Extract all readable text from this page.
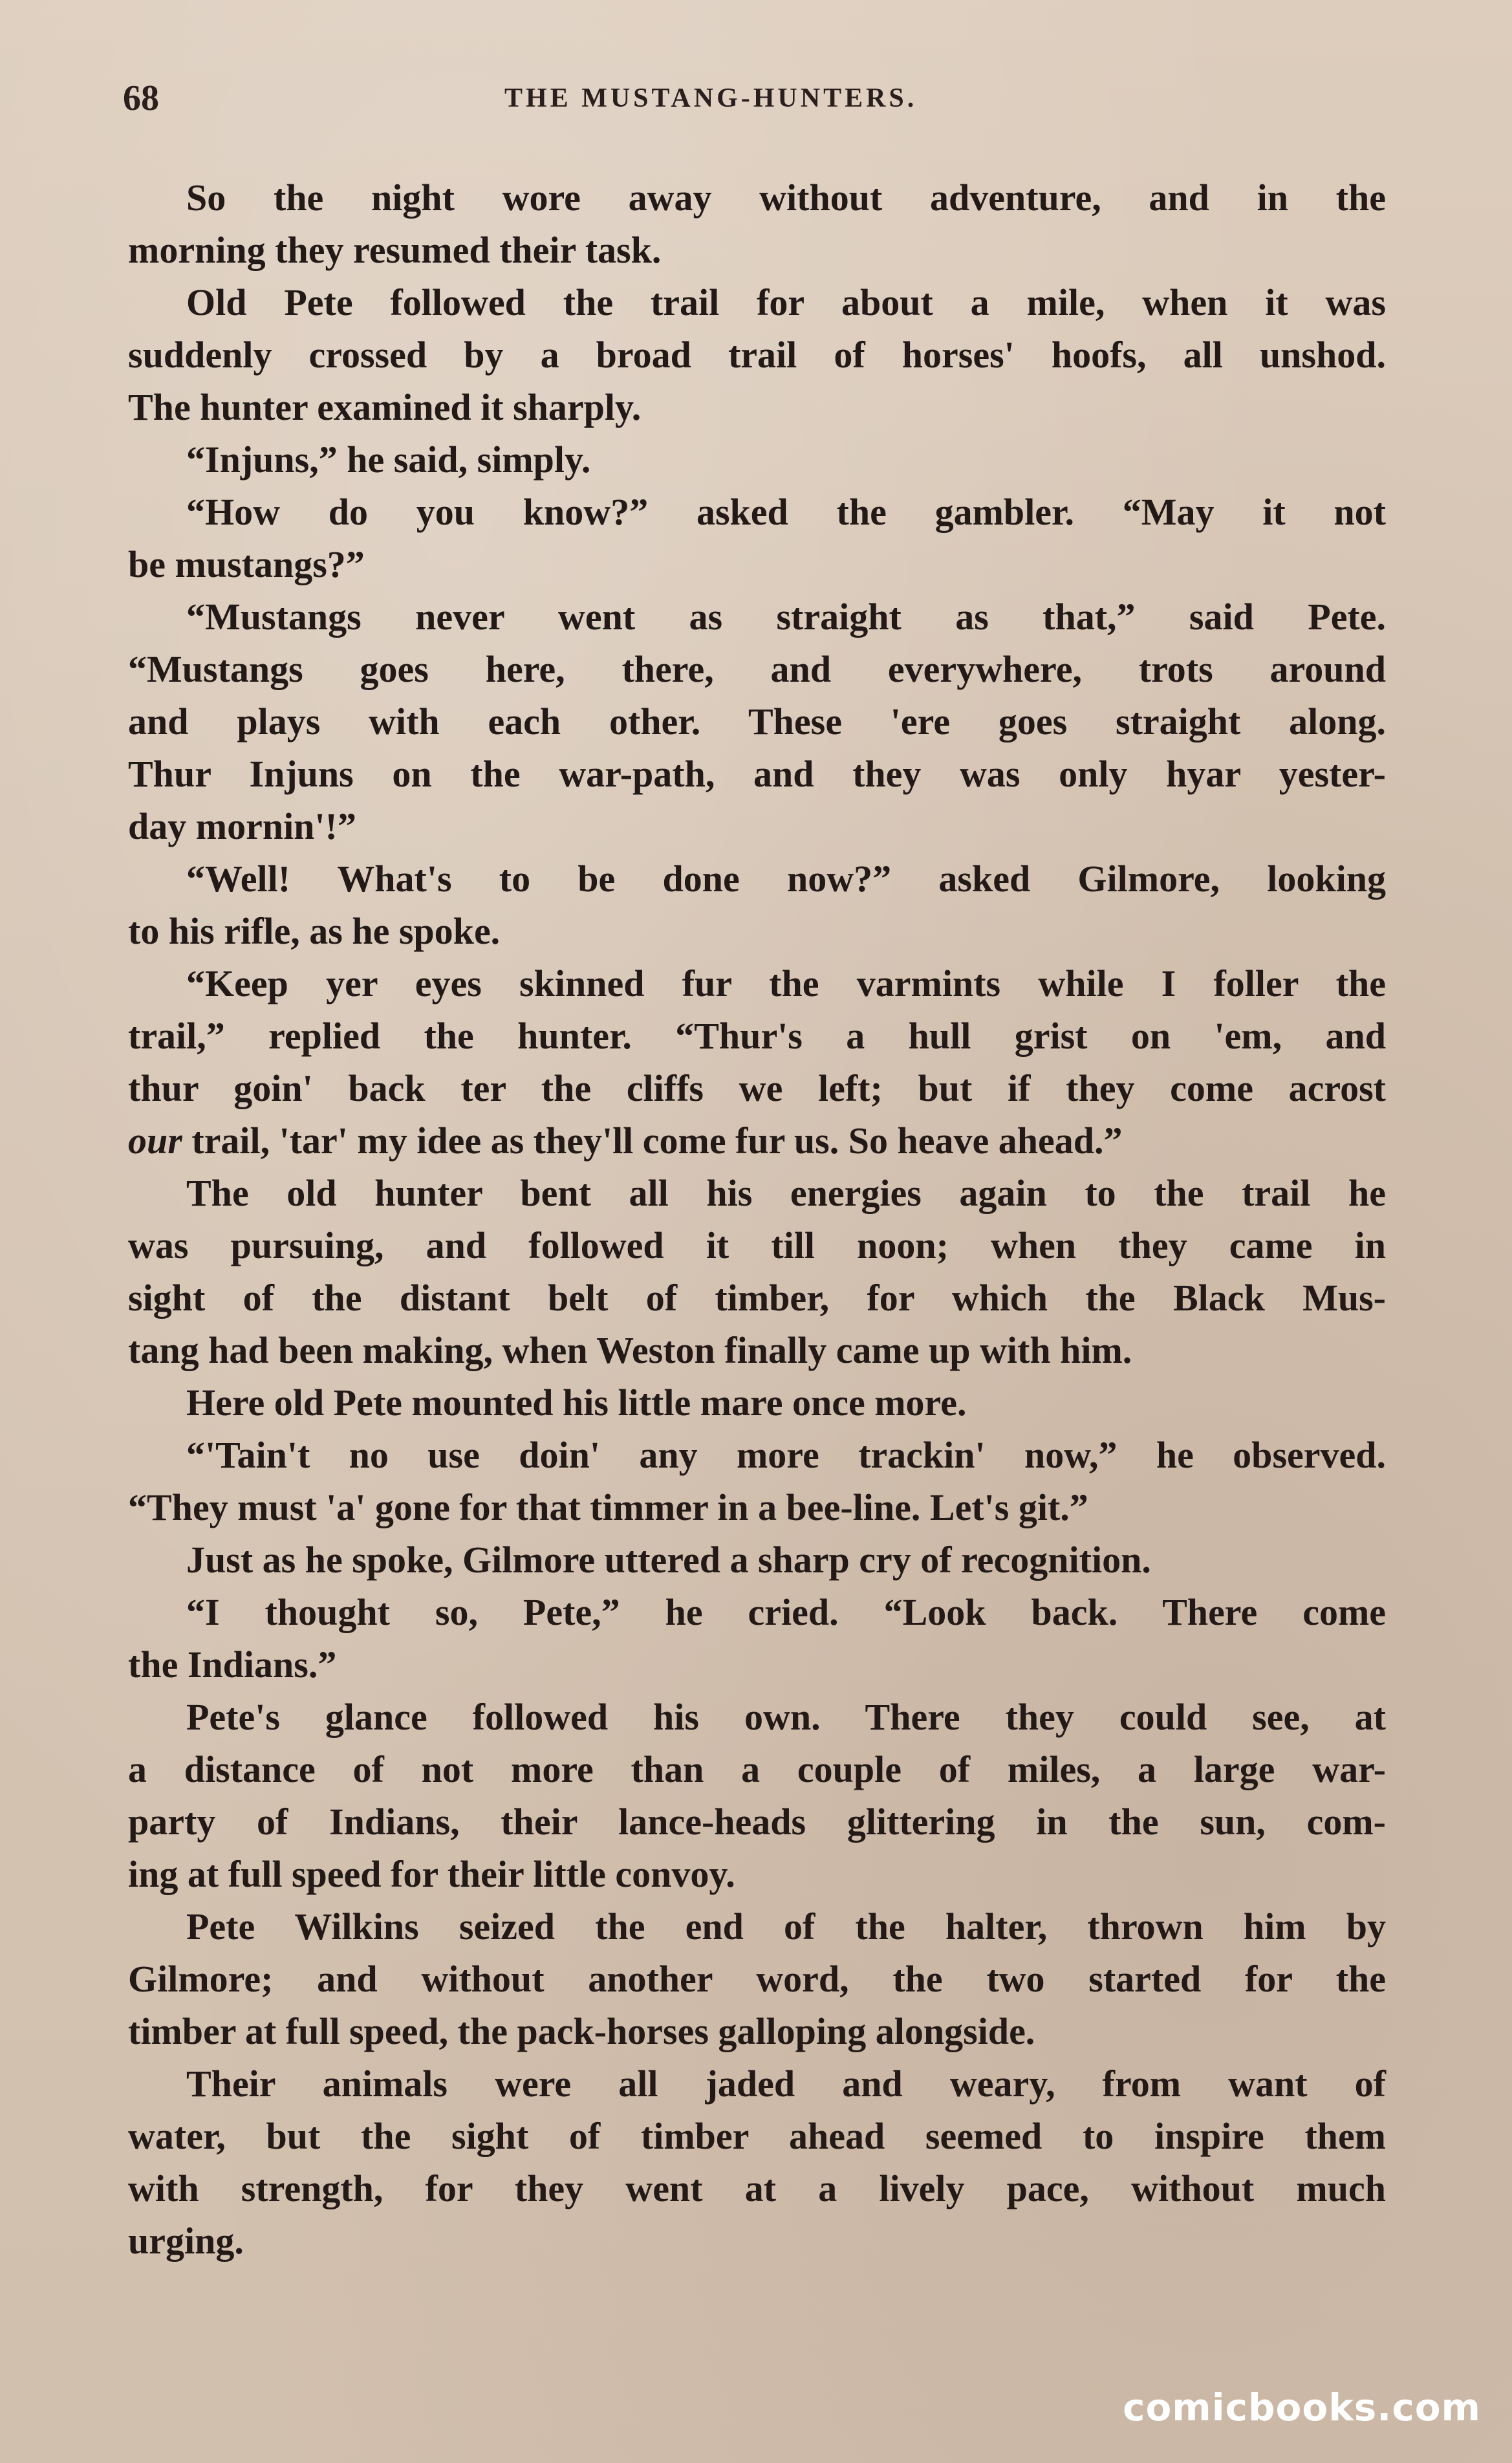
68	THE MUSTANG-HUNTERS.
So the night wore away without adventure, and in the
morning they resumed their task.
Old Pete followed the trail for about a mile, when it was
suddenly crossed by a broad trail of horses' hoofs, all unshod.
The hunter examined it sharply.
“Injuns,” he said, simply.
“How do you know?” asked the gambler. “May it not
be mustangs?”
“Mustangs never went as straight as that,” said Pete.
“Mustangs goes here, there, and everywhere, trots around
and plays with each other. These 'ere goes straight along.
Thur Injuns on the war-path, and they was only hyar yester-
day mornin'!”
“Well! What's to be done now?” asked Gilmore, looking
to his rifle, as he spoke.
“Keep yer eyes skinned fur the varmints while I foller the
trail,” replied the hunter. “Thur's a hull grist on 'em, and
thur goin' back ter the cliffs we left; but if they come acrost
our trail, 'tar' my idee as they'll come fur us. So heave ahead.”
The old hunter bent all his energies again to the trail he
was pursuing, and followed it till noon; when they came in
sight of the distant belt of timber, for which the Black Mus-
tang had been making, when Weston finally came up with him.
Here old Pete mounted his little mare once more.
“'Tain't no use doin' any more trackin' now,” he observed.
“They must 'a' gone for that timmer in a bee-line. Let's git.”
Just as he spoke, Gilmore uttered a sharp cry of recognition.
“I thought so, Pete,” he cried. “Look back. There come
the Indians.”
Pete's glance followed his own. There they could see, at
a distance of not more than a couple of miles, a large war-
party of Indians, their lance-heads glittering in the sun, com-
ing at full speed for their little convoy.
Pete Wilkins seized the end of the halter, thrown him by
Gilmore; and without another word, the two started for the
timber at full speed, the pack-horses galloping alongside.
Their animals were all jaded and weary, from want of
water, but the sight of timber ahead seemed to inspire them
with strength, for they went at a lively pace, without much
urging.
comicbooks.com
